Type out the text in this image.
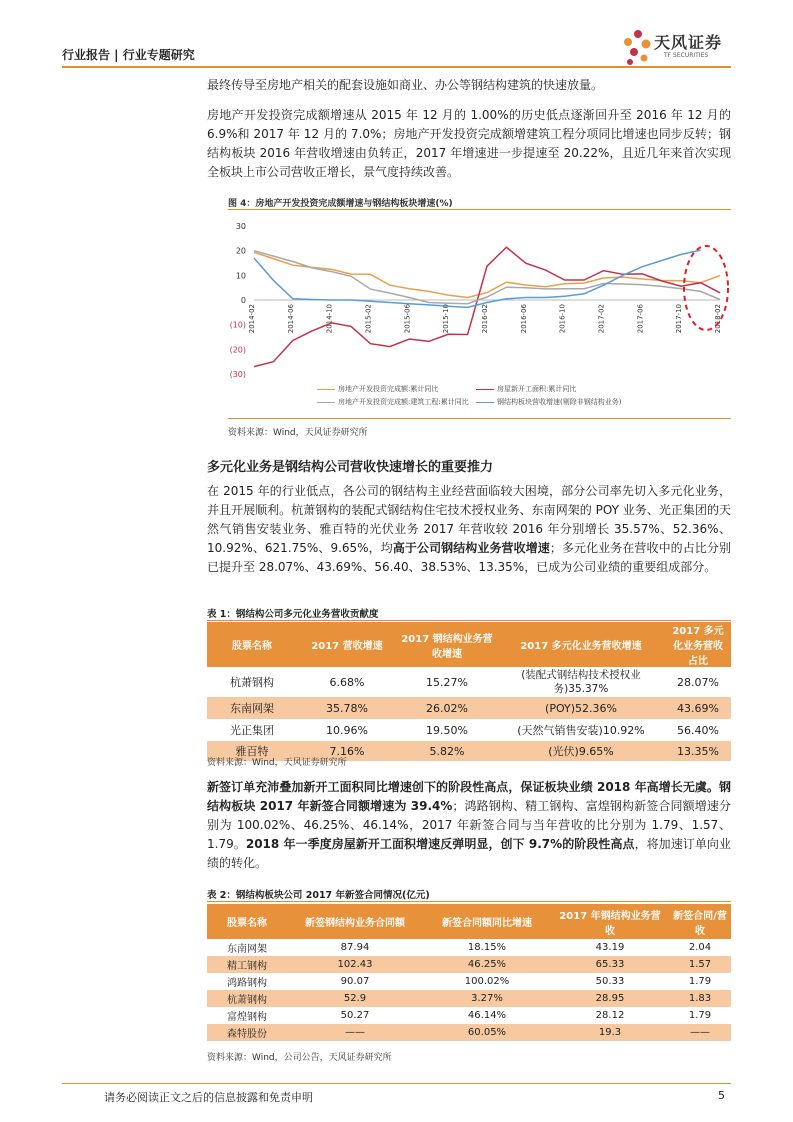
行业报告 | 行业专题研究
天风证券
TF SECURITIES

最终传导至房地产相关的配套设施如商业、办公等钢结构建筑的快速放量。

房地产开发投资完成额增速从 2015 年 12 月的 1.00%的历史低点逐渐回升至 2016 年 12 月的 6.9%和 2017 年 12 月的 7.0%；房地产开发投资完成额增建筑工程分项同比增速也同步反转；钢结构板块 2016 年营收增速由负转正，2017 年增速进一步提速至 20.22%，且近几年来首次实现全板块上市公司营收正增长，景气度持续改善。

图 4：房地产开发投资完成额增速与钢结构板块增速(%)
30
20
10
0
(10)
(20)
(30)
2014-02	2014-06	2014-10	2015-02	2015-06	2015-10	2016-02	2016-06	2016-10	2017-02	2017-06	2017-10	2018-02
房地产开发投资完成额:累计同比	房屋新开工面积:累计同比
房地产开发投资完成额:建筑工程:累计同比	钢结构板块营收增速(剔除非钢结构业务)
资料来源：Wind，天风证券研究所
多元化业务是钢结构公司营收快速增长的重要推力

在 2015 年的行业低点，各公司的钢结构主业经营面临较大困境，部分公司率先切入多元化业务，并且开展顺利。杭萧钢构的装配式钢结构住宅技术授权业务、东南网架的 POY 业务、光正集团的天然气销售安装业务、雅百特的光伏业务 2017 年营收较 2016 年分别增长 35.57%、52.36%、10.92%、621.75%、9.65%，均高于公司钢结构业务营收增速；多元化业务在营收中的占比分别已提升至 28.07%、43.69%、56.40、38.53%、13.35%，已成为公司业绩的重要组成部分。

表 1：钢结构公司多元化业务营收贡献度
股票名称	2017 营收增速	2017 钢结构业务营收增速	2017 多元化业务营收增速	2017 多元化业务营收占比
杭萧钢构	6.68%	15.27%	(装配式钢结构技术授权业务)35.37%	28.07%
东南网架	35.78%	26.02%	(POY)52.36%	43.69%
光正集团	10.96%	19.50%	(天然气销售安装)10.92%	56.40%
雅百特	7.16%	5.82%	(光伏)9.65%	13.35%
资料来源：Wind，天风证券研究所

新签订单充沛叠加新开工面积同比增速创下的阶段性高点，保证板块业绩 2018 年高增长无虞。钢结构板块 2017 年新签合同额增速为 39.4%；鸿路钢构、精工钢构、富煌钢构新签合同额增速分别为 100.02%、46.25%、46.14%，2017 年新签合同与当年营收的比分别为 1.79、1.57、1.79。2018 年一季度房屋新开工面积增速反弹明显，创下 9.7%的阶段性高点，将加速订单向业绩的转化。

表 2：钢结构板块公司 2017 年新签合同情况(亿元)
股票名称	新签钢结构业务合同额	新签合同额同比增速	2017 年钢结构业务营收	新签合同/营收
东南网架	87.94	18.15%	43.19	2.04
精工钢构	102.43	46.25%	65.33	1.57
鸿路钢构	90.07	100.02%	50.33	1.79
杭萧钢构	52.9	3.27%	28.95	1.83
富煌钢构	50.27	46.14%	28.12	1.79
森特股份	——	60.05%	19.3	——
资料来源：Wind，公司公告，天风证券研究所
请务必阅读正文之后的信息披露和免责申明	5
